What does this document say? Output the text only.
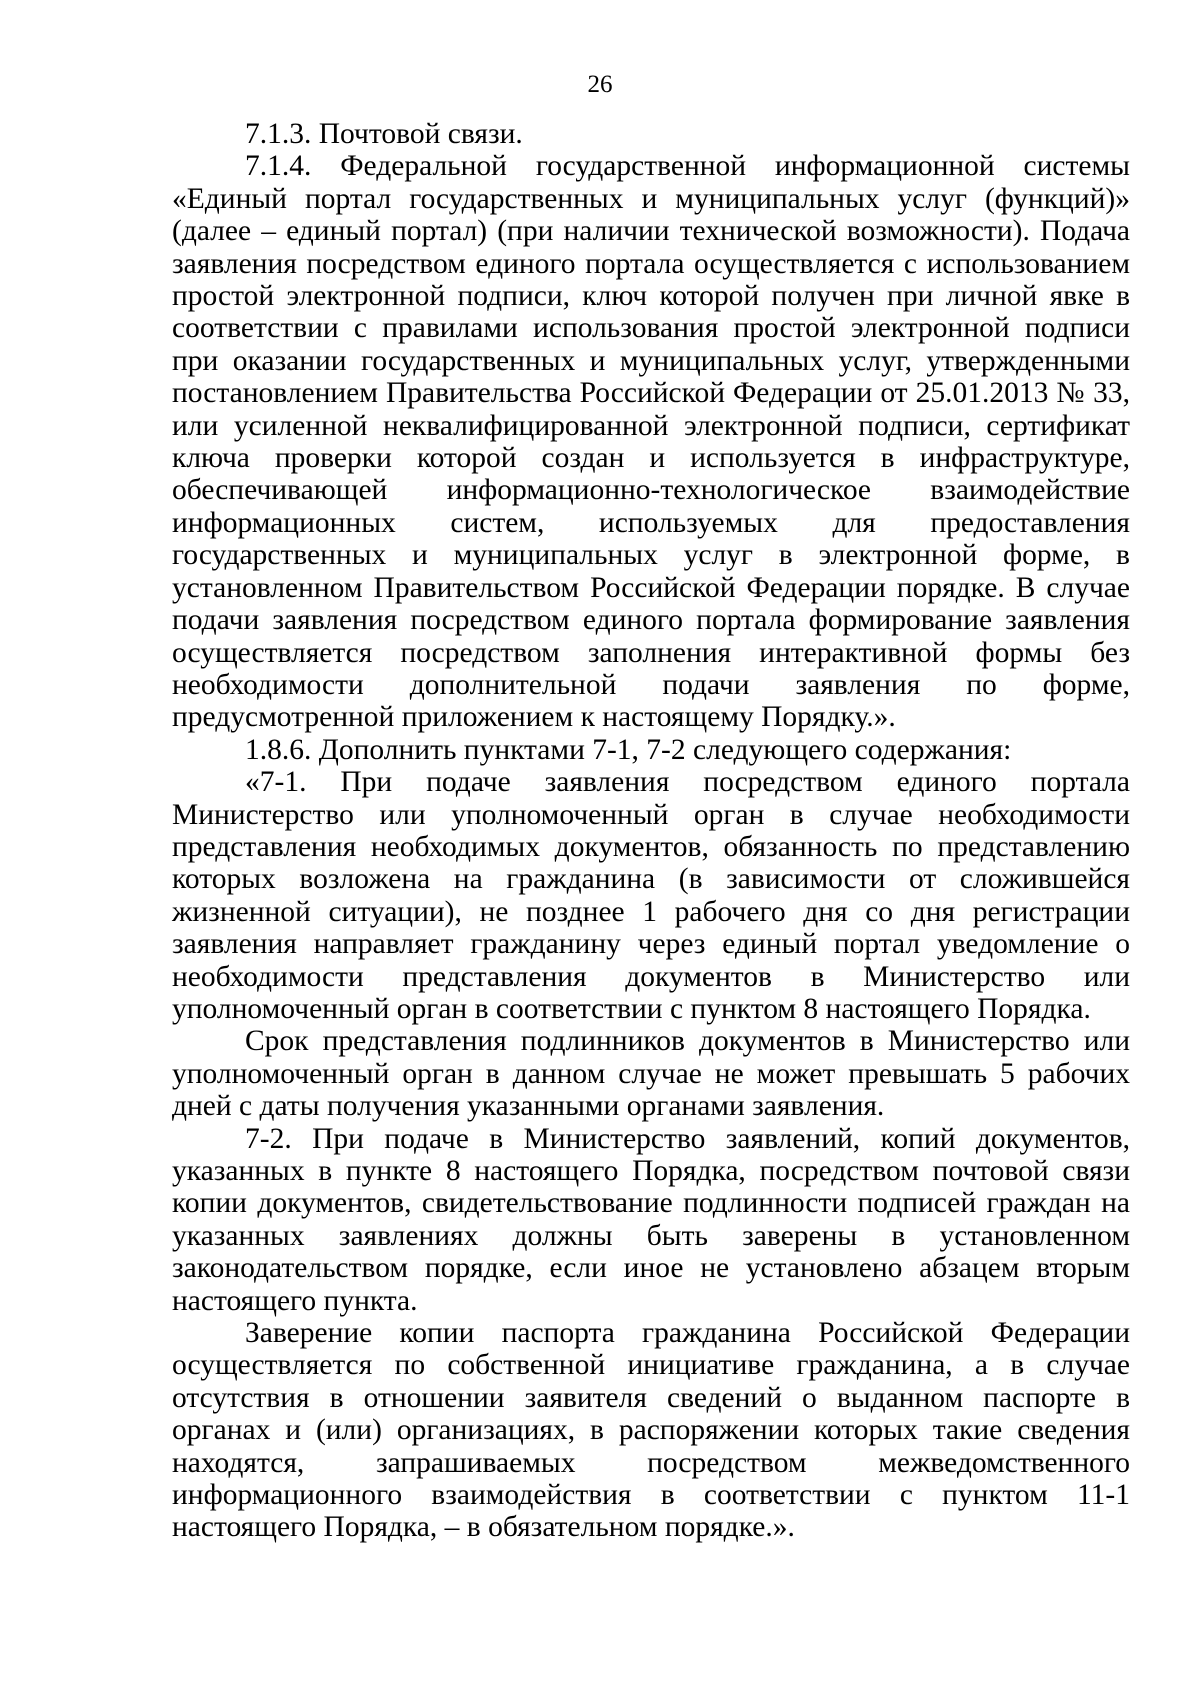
26

7.1.3. Почтовой связи.

7.1.4. Федеральной государственной информационной системы «Единый портал государственных и муниципальных услуг (функций)» (далее – единый портал) (при наличии технической возможности). Подача заявления посредством единого портала осуществляется с использованием простой электронной подписи, ключ которой получен при личной явке в соответствии с правилами использования простой электронной подписи при оказании государственных и муниципальных услуг, утвержденными постановлением Правительства Российской Федерации от 25.01.2013 № 33, или усиленной неквалифицированной электронной подписи, сертификат ключа проверки которой создан и используется в инфраструктуре, обеспечивающей информационно-технологическое взаимодействие информационных систем, используемых для предоставления государственных и муниципальных услуг в электронной форме, в установленном Правительством Российской Федерации порядке. В случае подачи заявления посредством единого портала формирование заявления осуществляется посредством заполнения интерактивной формы без необходимости дополнительной подачи заявления по форме, предусмотренной приложением к настоящему Порядку.».

1.8.6. Дополнить пунктами 7-1, 7-2 следующего содержания:

«7-1. При подаче заявления посредством единого портала Министерство или уполномоченный орган в случае необходимости представления необходимых документов, обязанность по представлению которых возложена на гражданина (в зависимости от сложившейся жизненной ситуации), не позднее 1 рабочего дня со дня регистрации заявления направляет гражданину через единый портал уведомление о необходимости представления документов в Министерство или уполномоченный орган в соответствии с пунктом 8 настоящего Порядка.

Срок представления подлинников документов в Министерство или уполномоченный орган в данном случае не может превышать 5 рабочих дней с даты получения указанными органами заявления.

7-2. При подаче в Министерство заявлений, копий документов, указанных в пункте 8 настоящего Порядка, посредством почтовой связи копии документов, свидетельствование подлинности подписей граждан на указанных заявлениях должны быть заверены в установленном законодательством порядке, если иное не установлено абзацем вторым настоящего пункта.

Заверение копии паспорта гражданина Российской Федерации осуществляется по собственной инициативе гражданина, а в случае отсутствия в отношении заявителя сведений о выданном паспорте в органах и (или) организациях, в распоряжении которых такие сведения находятся, запрашиваемых посредством межведомственного информационного взаимодействия в соответствии с пунктом 11-1 настоящего Порядка, – в обязательном порядке.».
